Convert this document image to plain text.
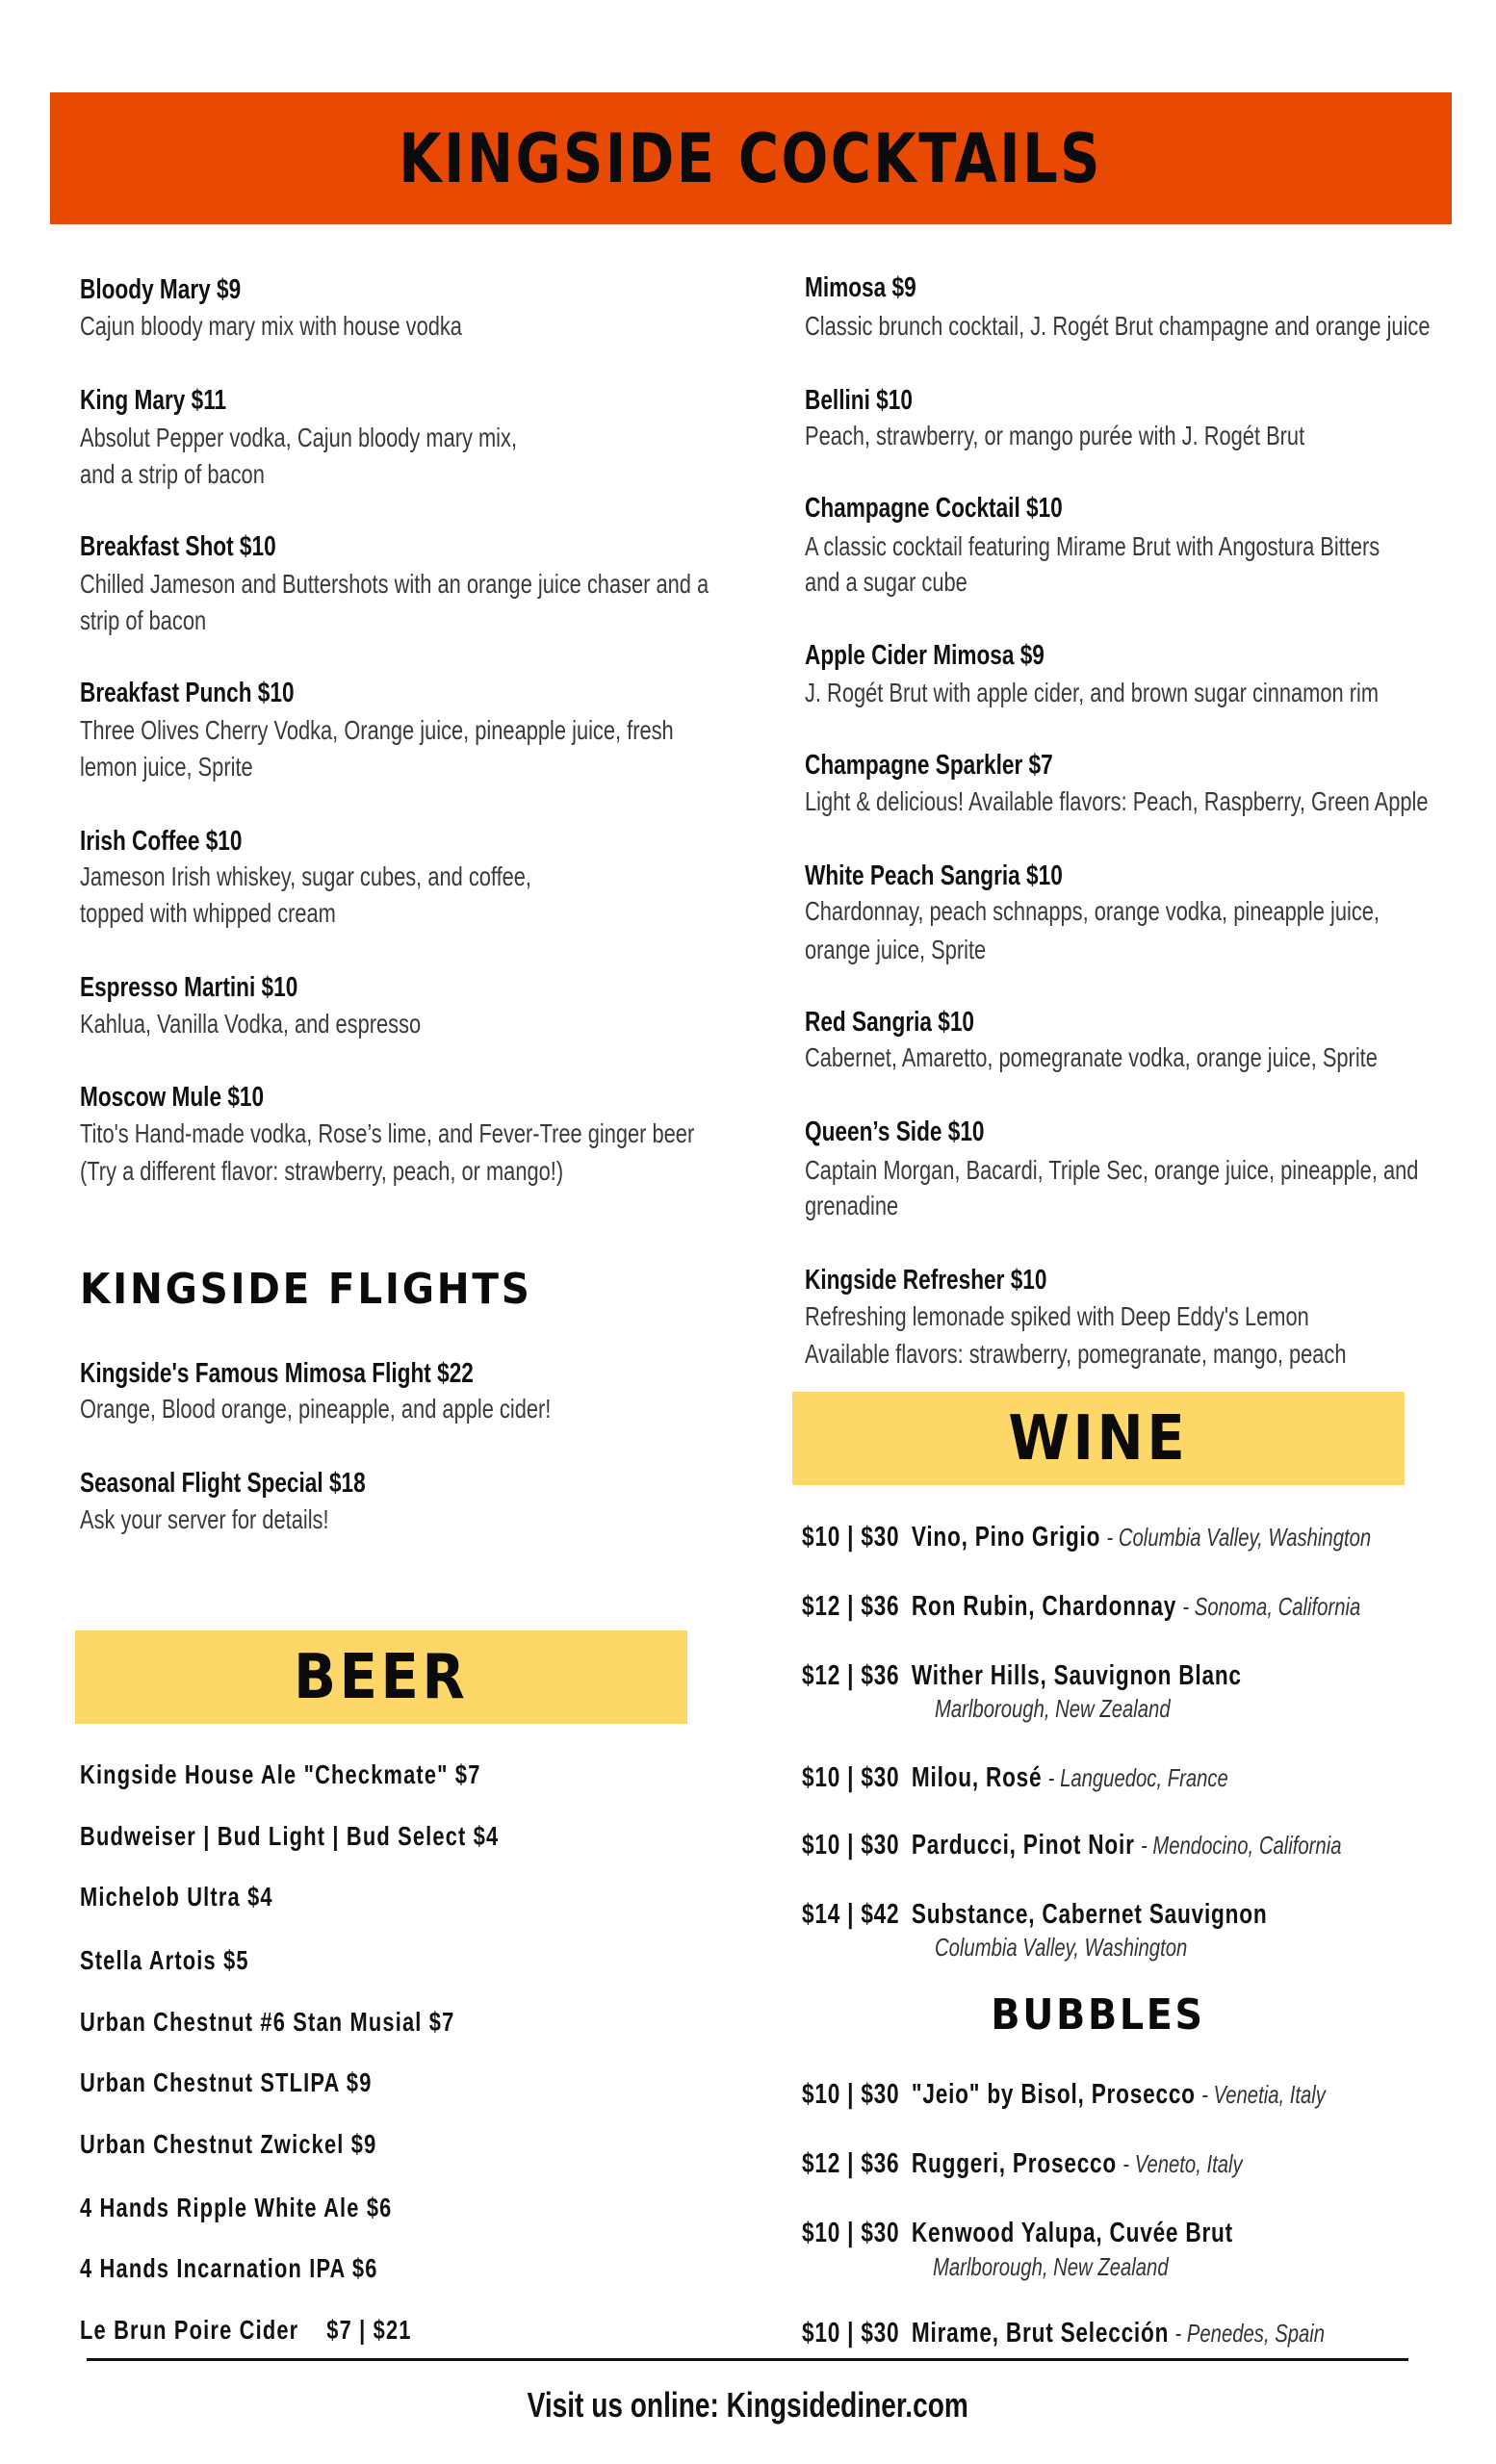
KINGSIDE COCKTAILS
Bloody Mary $9
Cajun bloody mary mix with house vodka
King Mary $11
Absolut Pepper vodka, Cajun bloody mary mix,
and a strip of bacon
Breakfast Shot $10
Chilled Jameson and Buttershots with an orange juice chaser and a
strip of bacon
Breakfast Punch $10
Three Olives Cherry Vodka, Orange juice, pineapple juice, fresh
lemon juice, Sprite
Irish Coffee $10
Jameson Irish whiskey, sugar cubes, and coffee,
topped with whipped cream
Espresso Martini $10
Kahlua, Vanilla Vodka, and espresso
Moscow Mule $10
Tito's Hand-made vodka, Rose’s lime, and Fever-Tree ginger beer
(Try a different flavor: strawberry, peach, or mango!)
KINGSIDE FLIGHTS
Kingside's Famous Mimosa Flight $22
Orange, Blood orange, pineapple, and apple cider!
Seasonal Flight Special $18
Ask your server for details!
BEER
Kingside House Ale "Checkmate" $7
Budweiser | Bud Light | Bud Select $4
Michelob Ultra $4
Stella Artois $5
Urban Chestnut #6 Stan Musial $7
Urban Chestnut STLIPA $9
Urban Chestnut Zwickel $9
4 Hands Ripple White Ale $6
4 Hands Incarnation IPA $6
Le Brun Poire Cider    $7 | $21
Mimosa $9
Classic brunch cocktail, J. Rogét Brut champagne and orange juice
Bellini $10
Peach, strawberry, or mango purée with J. Rogét Brut
Champagne Cocktail $10
A classic cocktail featuring Mirame Brut with Angostura Bitters
and a sugar cube
Apple Cider Mimosa $9
J. Rogét Brut with apple cider, and brown sugar cinnamon rim
Champagne Sparkler $7
Light & delicious! Available flavors: Peach, Raspberry, Green Apple
White Peach Sangria $10
Chardonnay, peach schnapps, orange vodka, pineapple juice,
orange juice, Sprite
Red Sangria $10
Cabernet, Amaretto, pomegranate vodka, orange juice, Sprite
Queen’s Side $10
Captain Morgan, Bacardi, Triple Sec, orange juice, pineapple, and
grenadine
Kingside Refresher $10
Refreshing lemonade spiked with Deep Eddy's Lemon
Available flavors: strawberry, pomegranate, mango, peach
WINE
$10 | $30 Vino, Pino Grigio - Columbia Valley, Washington
$12 | $36 Ron Rubin, Chardonnay - Sonoma, California
$12 | $36 Wither Hills, Sauvignon Blanc
Marlborough, New Zealand
$10 | $30 Milou, Rosé - Languedoc, France
$10 | $30 Parducci, Pinot Noir - Mendocino, California
$14 | $42 Substance, Cabernet Sauvignon
Columbia Valley, Washington
BUBBLES
$10 | $30 "Jeio" by Bisol, Prosecco - Venetia, Italy
$12 | $36 Ruggeri, Prosecco - Veneto, Italy
$10 | $30 Kenwood Yalupa, Cuvée Brut
Marlborough, New Zealand
$10 | $30 Mirame, Brut Selección - Penedes, Spain
Visit us online: Kingsidediner.com
